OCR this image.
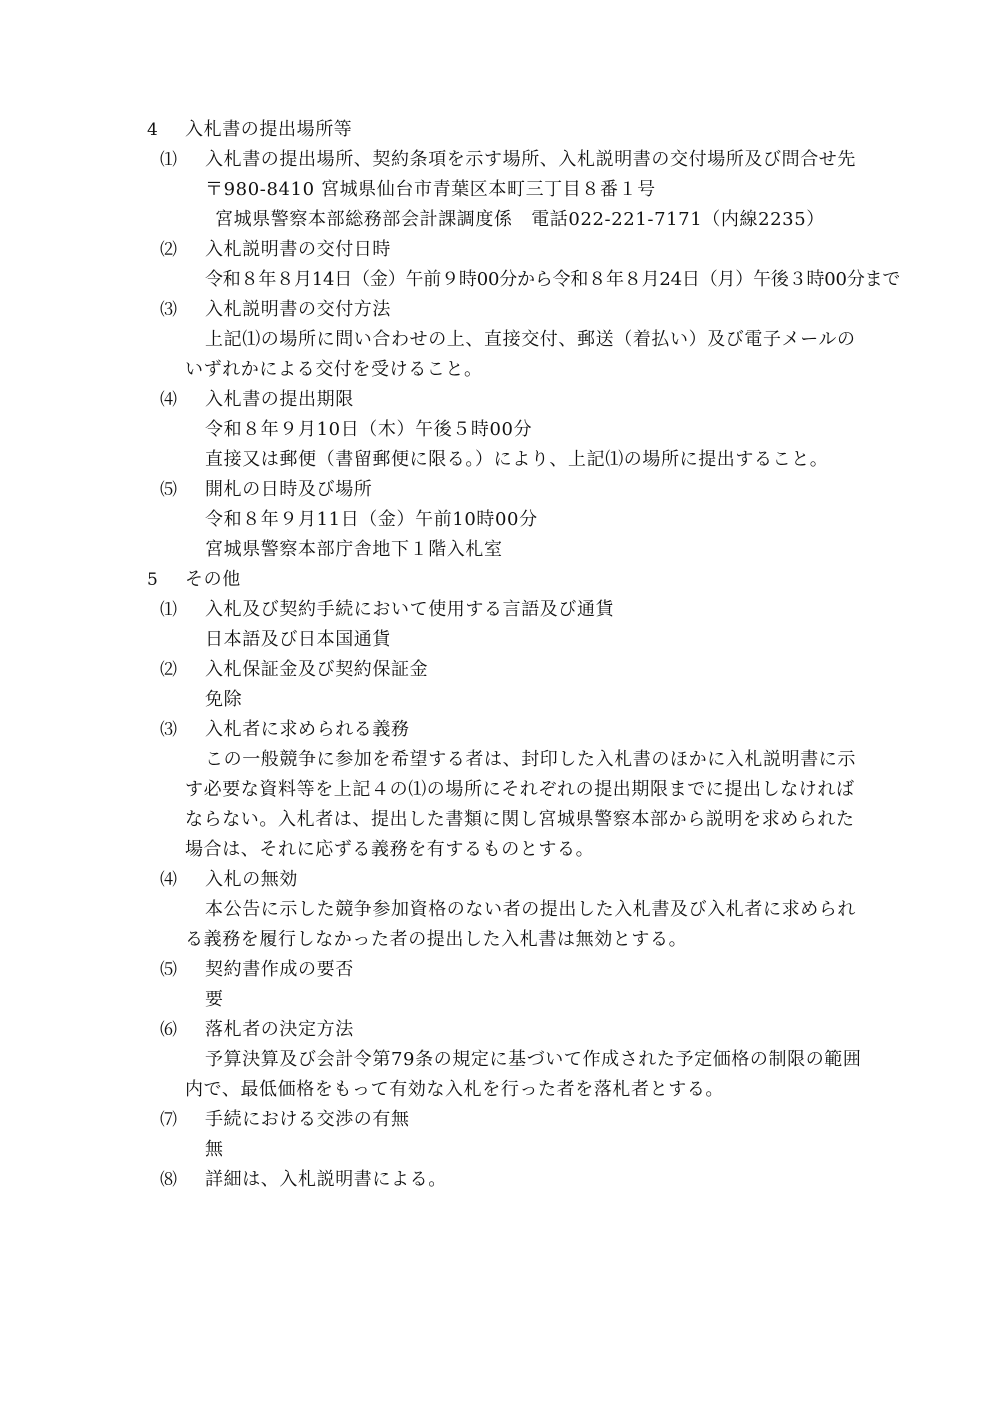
4 入札書の提出場所等
⑴ 入札書の提出場所、契約条項を示す場所、入札説明書の交付場所及び問合せ先
〒980-8410 宮城県仙台市青葉区本町三丁目８番１号
宮城県警察本部総務部会計課調度係　電話022-221-7171（内線2235）
⑵ 入札説明書の交付日時
令和８年８月14日（金）午前９時00分から令和８年８月24日（月）午後３時00分まで
⑶ 入札説明書の交付方法
上記⑴の場所に問い合わせの上、直接交付、郵送（着払い）及び電子メールの
いずれかによる交付を受けること。
⑷ 入札書の提出期限
令和８年９月10日（木）午後５時00分
直接又は郵便（書留郵便に限る。）により、上記⑴の場所に提出すること。
⑸ 開札の日時及び場所
令和８年９月11日（金）午前10時00分
宮城県警察本部庁舎地下１階入札室
5 その他
⑴ 入札及び契約手続において使用する言語及び通貨
日本語及び日本国通貨
⑵ 入札保証金及び契約保証金
免除
⑶ 入札者に求められる義務
この一般競争に参加を希望する者は、封印した入札書のほかに入札説明書に示
す必要な資料等を上記４の⑴の場所にそれぞれの提出期限までに提出しなければ
ならない。入札者は、提出した書類に関し宮城県警察本部から説明を求められた
場合は、それに応ずる義務を有するものとする。
⑷ 入札の無効
本公告に示した競争参加資格のない者の提出した入札書及び入札者に求められ
る義務を履行しなかった者の提出した入札書は無効とする。
⑸ 契約書作成の要否
要
⑹ 落札者の決定方法
予算決算及び会計令第79条の規定に基づいて作成された予定価格の制限の範囲
内で、最低価格をもって有効な入札を行った者を落札者とする。
⑺ 手続における交渉の有無
無
⑻ 詳細は、入札説明書による。
